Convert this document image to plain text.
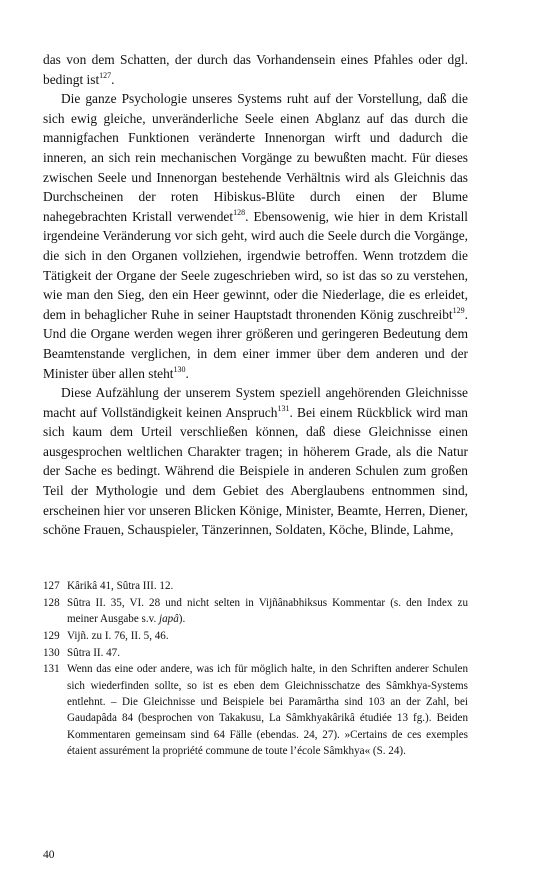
das von dem Schatten, der durch das Vorhandensein eines Pfahles oder dgl. bedingt ist$^{127}$.

Die ganze Psychologie unseres Systems ruht auf der Vorstellung, daß die sich ewig gleiche, unveränderliche Seele einen Abglanz auf das durch die mannigfachen Funktionen veränderte Innenorgan wirft und dadurch die inneren, an sich rein mechanischen Vorgänge zu bewußten macht. Für dieses zwischen Seele und Innenorgan bestehende Verhältnis wird als Gleichnis das Durchscheinen der roten Hibiskus-Blüte durch einen der Blume nahegebrachten Kristall verwendet$^{128}$. Ebensowenig, wie hier in dem Kristall irgendeine Veränderung vor sich geht, wird auch die Seele durch die Vorgänge, die sich in den Organen vollziehen, irgendwie betroffen. Wenn trotzdem die Tätigkeit der Organe der Seele zugeschrieben wird, so ist das so zu verstehen, wie man den Sieg, den ein Heer gewinnt, oder die Niederlage, die es erleidet, dem in behaglicher Ruhe in seiner Hauptstadt thronenden König zuschreibt$^{129}$. Und die Organe werden wegen ihrer größeren und geringeren Bedeutung dem Beamtenstande verglichen, in dem einer immer über dem anderen und der Minister über allen steht$^{130}$.

Diese Aufzählung der unserem System speziell angehörenden Gleichnisse macht auf Vollständigkeit keinen Anspruch$^{131}$. Bei einem Rückblick wird man sich kaum dem Urteil verschließen können, daß diese Gleichnisse einen ausgesprochen weltlichen Charakter tragen; in höherem Grade, als die Natur der Sache es bedingt. Während die Beispiele in anderen Schulen zum großen Teil der Mythologie und dem Gebiet des Aberglaubens entnommen sind, erscheinen hier vor unseren Blicken Könige, Minister, Beamte, Herren, Diener, schöne Frauen, Schauspieler, Tänzerinnen, Soldaten, Köche, Blinde, Lahme,

127 Kârikâ 41, Sûtra III. 12.
128 Sûtra II. 35, VI. 28 und nicht selten in Vijñânabhiksus Kommentar (s. den Index zu meiner Ausgabe s.v. japâ).
129 Vijñ. zu I. 76, II. 5, 46.
130 Sûtra II. 47.
131 Wenn das eine oder andere, was ich für möglich halte, in den Schriften anderer Schulen sich wiederfinden sollte, so ist es eben dem Gleichnisschatze des Sâmkhya-Systems entlehnt. – Die Gleichnisse und Beispiele bei Paramârtha sind 103 an der Zahl, bei Gaudapâda 84 (besprochen von Takakusu, La Sâmkhyakârikâ étudiée 13 fg.). Beiden Kommentaren gemeinsam sind 64 Fälle (ebendas. 24, 27). »Certains de ces exemples étaient assurément la propriété commune de toute l’école Sâmkhya« (S. 24).
40
